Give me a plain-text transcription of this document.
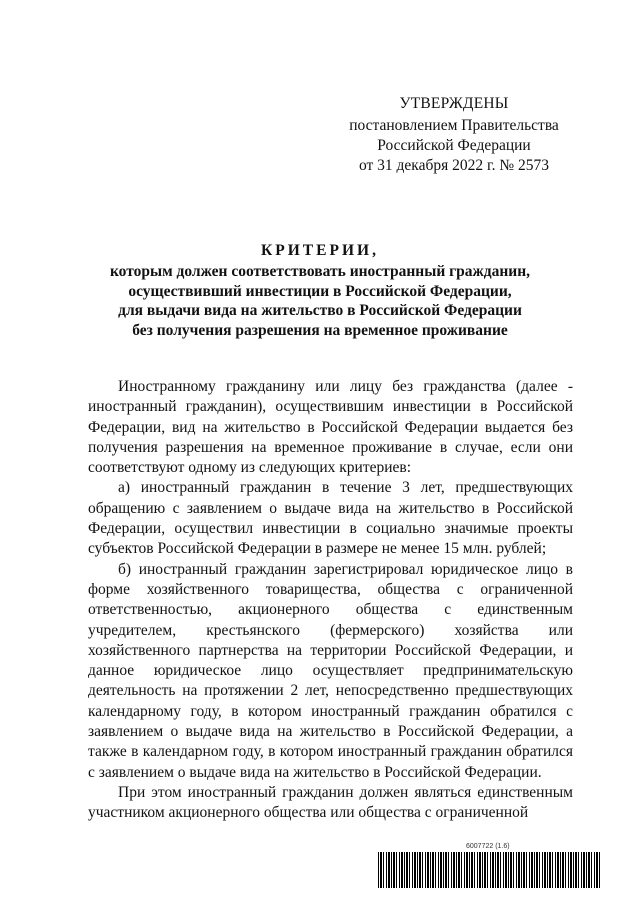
УТВЕРЖДЕНЫ
постановлением Правительства
Российской Федерации
от 31 декабря 2022 г. № 2573
КРИТЕРИИ,
которым должен соответствовать иностранный гражданин,
осуществивший инвестиции в Российской Федерации,
для выдачи вида на жительство в Российской Федерации
без получения разрешения на временное проживание

Иностранному гражданину или лицу без гражданства (далее - иностранный гражданин), осуществившим инвестиции в Российской Федерации, вид на жительство в Российской Федерации выдается без получения разрешения на временное проживание в случае, если они соответствуют одному из следующих критериев:

а) иностранный гражданин в течение 3 лет, предшествующих обращению с заявлением о выдаче вида на жительство в Российской Федерации, осуществил инвестиции в социально значимые проекты субъектов Российской Федерации в размере не менее 15 млн. рублей;

б) иностранный гражданин зарегистрировал юридическое лицо в форме хозяйственного товарищества, общества с ограниченной ответственностью, акционерного общества с единственным учредителем, крестьянского (фермерского) хозяйства или хозяйственного партнерства на территории Российской Федерации, и данное юридическое лицо осуществляет предпринимательскую деятельность на протяжении 2 лет, непосредственно предшествующих календарному году, в котором иностранный гражданин обратился с заявлением о выдаче вида на жительство в Российской Федерации, а также в календарном году, в котором иностранный гражданин обратился с заявлением о выдаче вида на жительство в Российской Федерации.

При этом иностранный гражданин должен являться единственным участником акционерного общества или общества с ограниченной

6007722 (1.6)
